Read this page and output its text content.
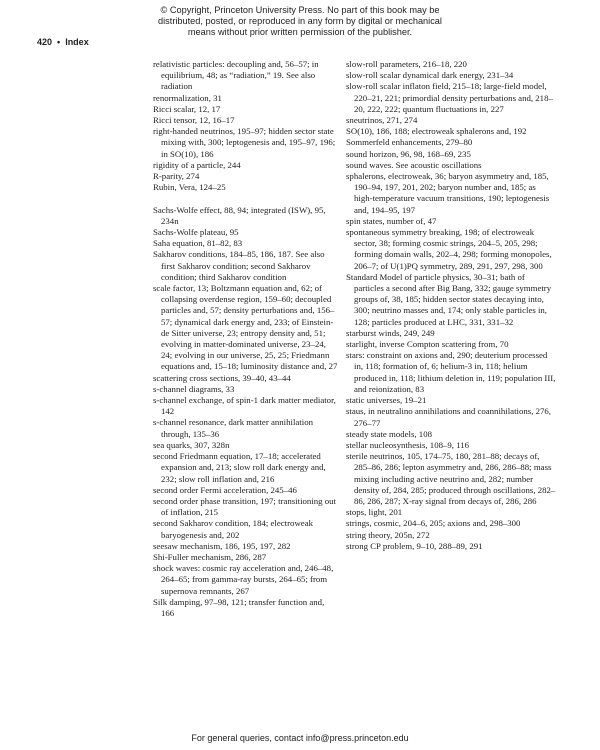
© Copyright, Princeton University Press. No part of this book may be
distributed, posted, or reproduced in any form by digital or mechanical
means without prior written permission of the publisher.
420 • Index
relativistic particles: decoupling and, 56–57; in equilibrium, 48; as “radiation,” 19. See also radiation
renormalization, 31
Ricci scalar, 12, 17
Ricci tensor, 12, 16–17
right-handed neutrinos, 195–97; hidden sector state mixing with, 300; leptogenesis and, 195–97, 196; in SO(10), 186
rigidity of a particle, 244
R-parity, 274
Rubin, Vera, 124–25
Sachs-Wolfe effect, 88, 94; integrated (ISW), 95, 234n
Sachs-Wolfe plateau, 95
Saha equation, 81–82, 83
Sakharov conditions, 184–85, 186, 187. See also first Sakharov condition; second Sakharov condition; third Sakharov condition
scale factor, 13; Boltzmann equation and, 62; of collapsing overdense region, 159–60; decoupled particles and, 57; density perturbations and, 156–57; dynamical dark energy and, 233; of Einstein-de Sitter universe, 23; entropy density and, 51; evolving in matter-dominated universe, 23–24, 24; evolving in our universe, 25, 25; Friedmann equations and, 15–18; luminosity distance and, 27
scattering cross sections, 39–40, 43–44
s-channel diagrams, 33
s-channel exchange, of spin-1 dark matter mediator, 142
s-channel resonance, dark matter annihilation through, 135–36
sea quarks, 307, 328n
second Friedmann equation, 17–18; accelerated expansion and, 213; slow roll dark energy and, 232; slow roll inflation and, 216
second order Fermi acceleration, 245–46
second order phase transition, 197; transitioning out of inflation, 215
second Sakharov condition, 184; electroweak baryogenesis and, 202
seesaw mechanism, 186, 195, 197, 282
Shi-Fuller mechanism, 286, 287
shock waves: cosmic ray acceleration and, 246–48, 264–65; from gamma-ray bursts, 264–65; from supernova remnants, 267
Silk damping, 97–98, 121; transfer function and, 166
slow-roll parameters, 216–18, 220
slow-roll scalar dynamical dark energy, 231–34
slow-roll scalar inflaton field, 215–18; large-field model, 220–21, 221; primordial density perturbations and, 218–20, 222, 222; quantum fluctuations in, 227
sneutrinos, 271, 274
SO(10), 186, 188; electroweak sphalerons and, 192
Sommerfeld enhancements, 279–80
sound horizon, 96, 98, 168–69, 235
sound waves. See acoustic oscillations
sphalerons, electroweak, 36; baryon asymmetry and, 185, 190–94, 197, 201, 202; baryon number and, 185; as high-temperature vacuum transitions, 190; leptogenesis and, 194–95, 197
spin states, number of, 47
spontaneous symmetry breaking, 198; of electroweak sector, 38; forming cosmic strings, 204–5, 205, 298; forming domain walls, 202–4, 298; forming monopoles, 206–7; of U(1)PQ symmetry, 289, 291, 297, 298, 300
Standard Model of particle physics, 30–31; bath of particles a second after Big Bang, 332; gauge symmetry groups of, 38, 185; hidden sector states decaying into, 300; neutrino masses and, 174; only stable particles in, 128; particles produced at LHC, 331, 331–32
starburst winds, 249, 249
starlight, inverse Compton scattering from, 70
stars: constraint on axions and, 290; deuterium processed in, 118; formation of, 6; helium-3 in, 118; helium produced in, 118; lithium deletion in, 119; population III, and reionization, 83
static universes, 19–21
staus, in neutralino annihilations and coannihilations, 276, 276–77
steady state models, 108
stellar nucleosynthesis, 108–9, 116
sterile neutrinos, 105, 174–75, 180, 281–88; decays of, 285–86, 286; lepton asymmetry and, 286, 286–88; mass mixing including active neutrino and, 282; number density of, 284, 285; produced through oscillations, 282–86, 286, 287; X-ray signal from decays of, 286, 286
stops, light, 201
strings, cosmic, 204–6, 205; axions and, 298–300
string theory, 205n, 272
strong CP problem, 9–10, 288–89, 291
For general queries, contact info@press.princeton.edu
